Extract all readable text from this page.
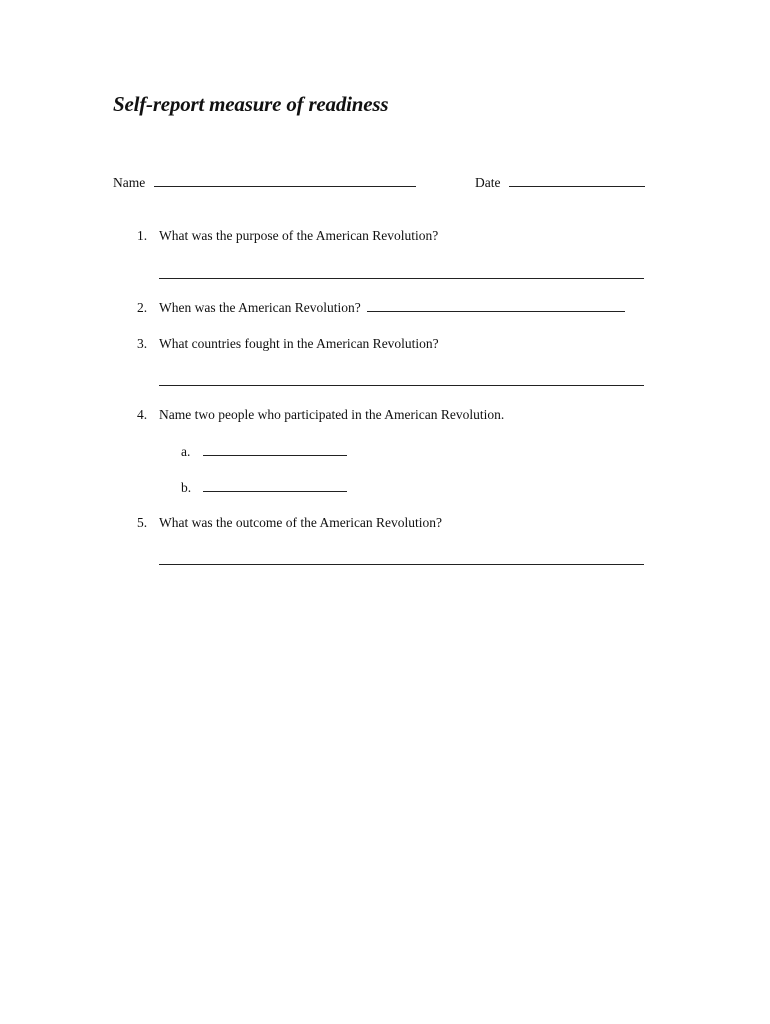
Self-report measure of readiness
Name	Date
1. What was the purpose of the American Revolution?
2. When was the American Revolution?
3. What countries fought in the American Revolution?
4. Name two people who participated in the American Revolution.
a.
b.
5. What was the outcome of the American Revolution?
